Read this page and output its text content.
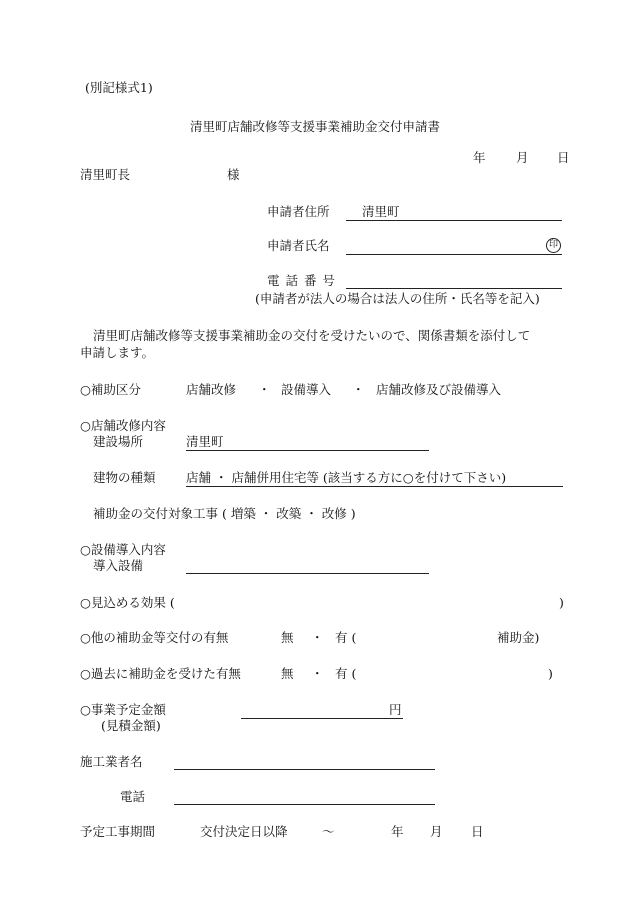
(別記様式1)
清里町店舗改修等支援事業補助金交付申請書
年 月 日
清里町長	様
申請者住所	清里町
申請者氏名	印
電 話 番 号
(申請者が法人の場合は法人の住所・氏名等を記入)
清里町店舗改修等支援事業補助金の交付を受けたいので、関係書類を添付して
申請します。
○補助区分	店舗改修 ・ 設備導入 ・ 店舗改修及び設備導入
○店舗改修内容
建設場所	清里町
建物の種類 店舗 ・ 店舗併用住宅等 (該当する方に○を付けて下さい)
補助金の交付対象工事 ( 増築 ・ 改築 ・ 改修 )
○設備導入内容
導入設備
○見込める効果 (	)
○他の補助金等交付の有無	無 ・ 有 (	補助金)
○過去に補助金を受けた有無	無 ・ 有 (	)
○事業予定金額
(見積金額)
円
施工業者名
電話
予定工事期間	交付決定日以降	〜	年 月 日
